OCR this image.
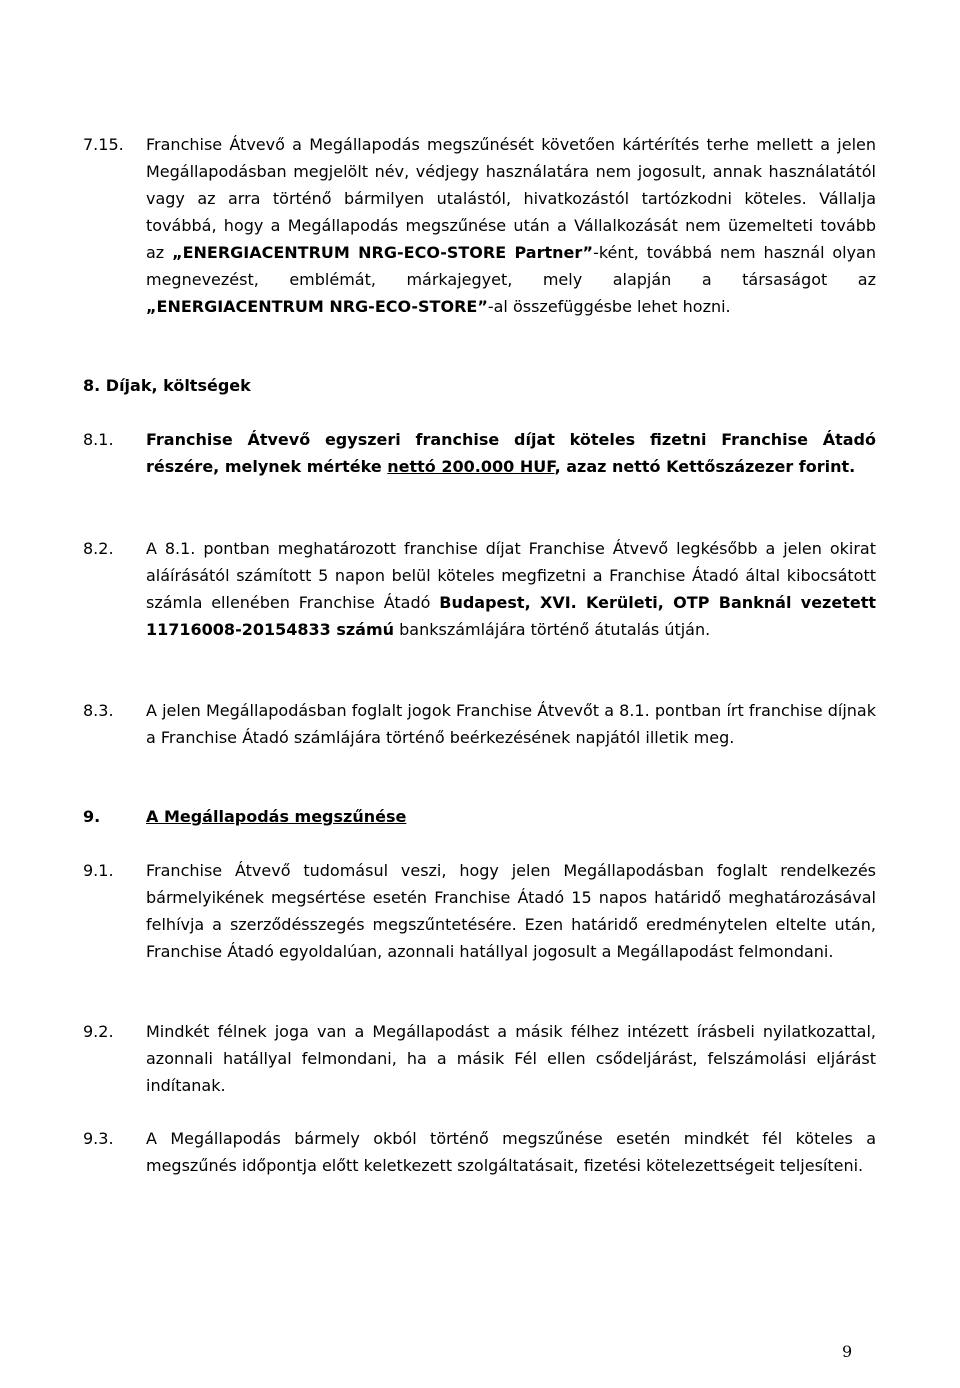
7.15. Franchise Átvevő a Megállapodás megszűnését követően kártérítés terhe mellett a jelen Megállapodásban megjelölt név, védjegy használatára nem jogosult, annak használatától vagy az arra történő bármilyen utalástól, hivatkozástól tartózkodni köteles. Vállalja továbbá, hogy a Megállapodás megszűnése után a Vállalkozását nem üzemelteti tovább az „ENERGIACENTRUM NRG-ECO-STORE Partner”-ként, továbbá nem használ olyan megnevezést, emblémát, márkajegyet, mely alapján a társaságot az „ENERGIACENTRUM NRG-ECO-STORE”-al összefüggésbe lehet hozni.
8. Díjak, költségek
8.1. Franchise Átvevő egyszeri franchise díjat köteles fizetni Franchise Átadó részére, melynek mértéke nettó 200.000 HUF, azaz nettó Kettőszázezer forint.
8.2. A 8.1. pontban meghatározott franchise díjat Franchise Átvevő legkésőbb a jelen okirat aláírásától számított 5 napon belül köteles megfizetni a Franchise Átadó által kibocsátott számla ellenében Franchise Átadó Budapest, XVI. Kerületi, OTP Banknál vezetett 11716008-20154833 számú bankszámlájára történő átutalás útján.
8.3. A jelen Megállapodásban foglalt jogok Franchise Átvevőt a 8.1. pontban írt franchise díjnak a Franchise Átadó számlájára történő beérkezésének napjától illetik meg.
9.	A Megállapodás megszűnése
9.1. Franchise Átvevő tudomásul veszi, hogy jelen Megállapodásban foglalt rendelkezés bármelyikének megsértése esetén Franchise Átadó 15 napos határidő meghatározásával felhívja a szerződésszegés megszűntetésére. Ezen határidő eredménytelen eltelte után, Franchise Átadó egyoldalúan, azonnali hatállyal jogosult a Megállapodást felmondani.
9.2. Mindkét félnek joga van a Megállapodást a másik félhez intézett írásbeli nyilatkozattal, azonnali hatállyal felmondani, ha a másik Fél ellen csődeljárást, felszámolási eljárást indítanak.
9.3. A Megállapodás bármely okból történő megszűnése esetén mindkét fél köteles a megszűnés időpontja előtt keletkezett szolgáltatásait, fizetési kötelezettségeit teljesíteni.
9
